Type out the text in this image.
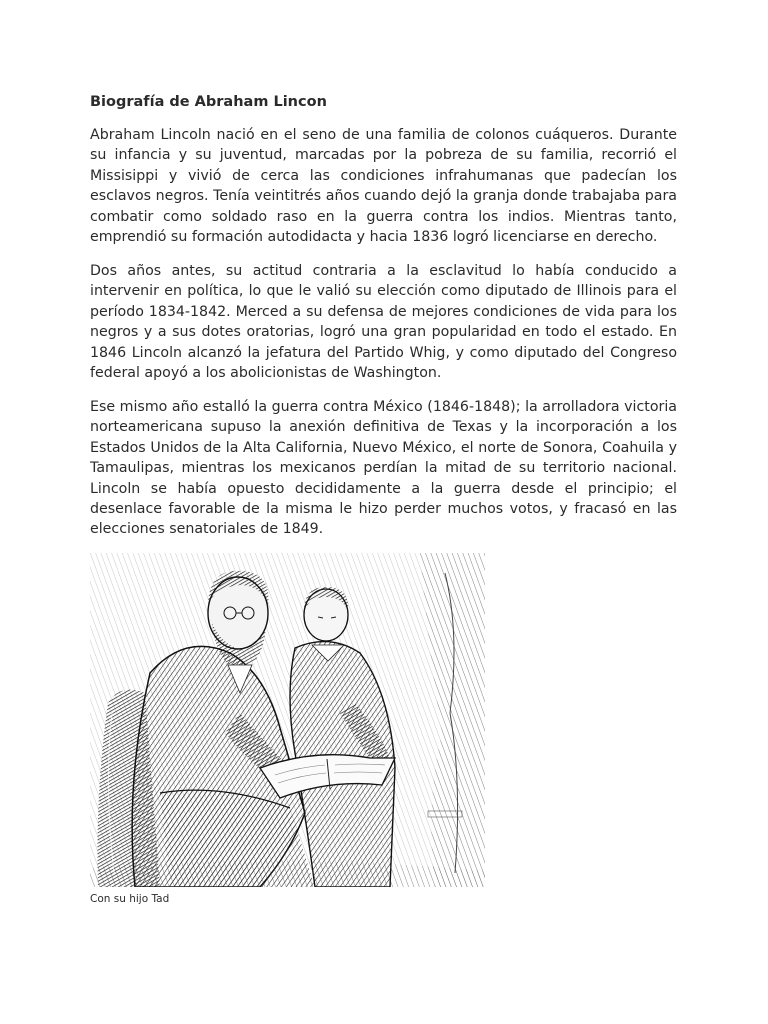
Biografía de Abraham Lincon

Abraham Lincoln nació en el seno de una familia de colonos cuáqueros. Durante su infancia y su juventud, marcadas por la pobreza de su familia, recorrió el Missisippi y vivió de cerca las condiciones infrahumanas que padecían los esclavos negros. Tenía veintitrés años cuando dejó la granja donde trabajaba para combatir como soldado raso en la guerra contra los indios. Mientras tanto, emprendió su formación autodidacta y hacia 1836 logró licenciarse en derecho.

Dos años antes, su actitud contraria a la esclavitud lo había conducido a intervenir en política, lo que le valió su elección como diputado de Illinois para el período 1834-1842. Merced a su defensa de mejores condiciones de vida para los negros y a sus dotes oratorias, logró una gran popularidad en todo el estado. En 1846 Lincoln alcanzó la jefatura del Partido Whig, y como diputado del Congreso federal apoyó a los abolicionistas de Washington.

Ese mismo año estalló la guerra contra México (1846-1848); la arrolladora victoria norteamericana supuso la anexión definitiva de Texas y la incorporación a los Estados Unidos de la Alta California, Nuevo México, el norte de Sonora, Coahuila y Tamaulipas, mientras los mexicanos perdían la mitad de su territorio nacional. Lincoln se había opuesto decididamente a la guerra desde el principio; el desenlace favorable de la misma le hizo perder muchos votos, y fracasó en las elecciones senatoriales de 1849.

Con su hijo Tad
